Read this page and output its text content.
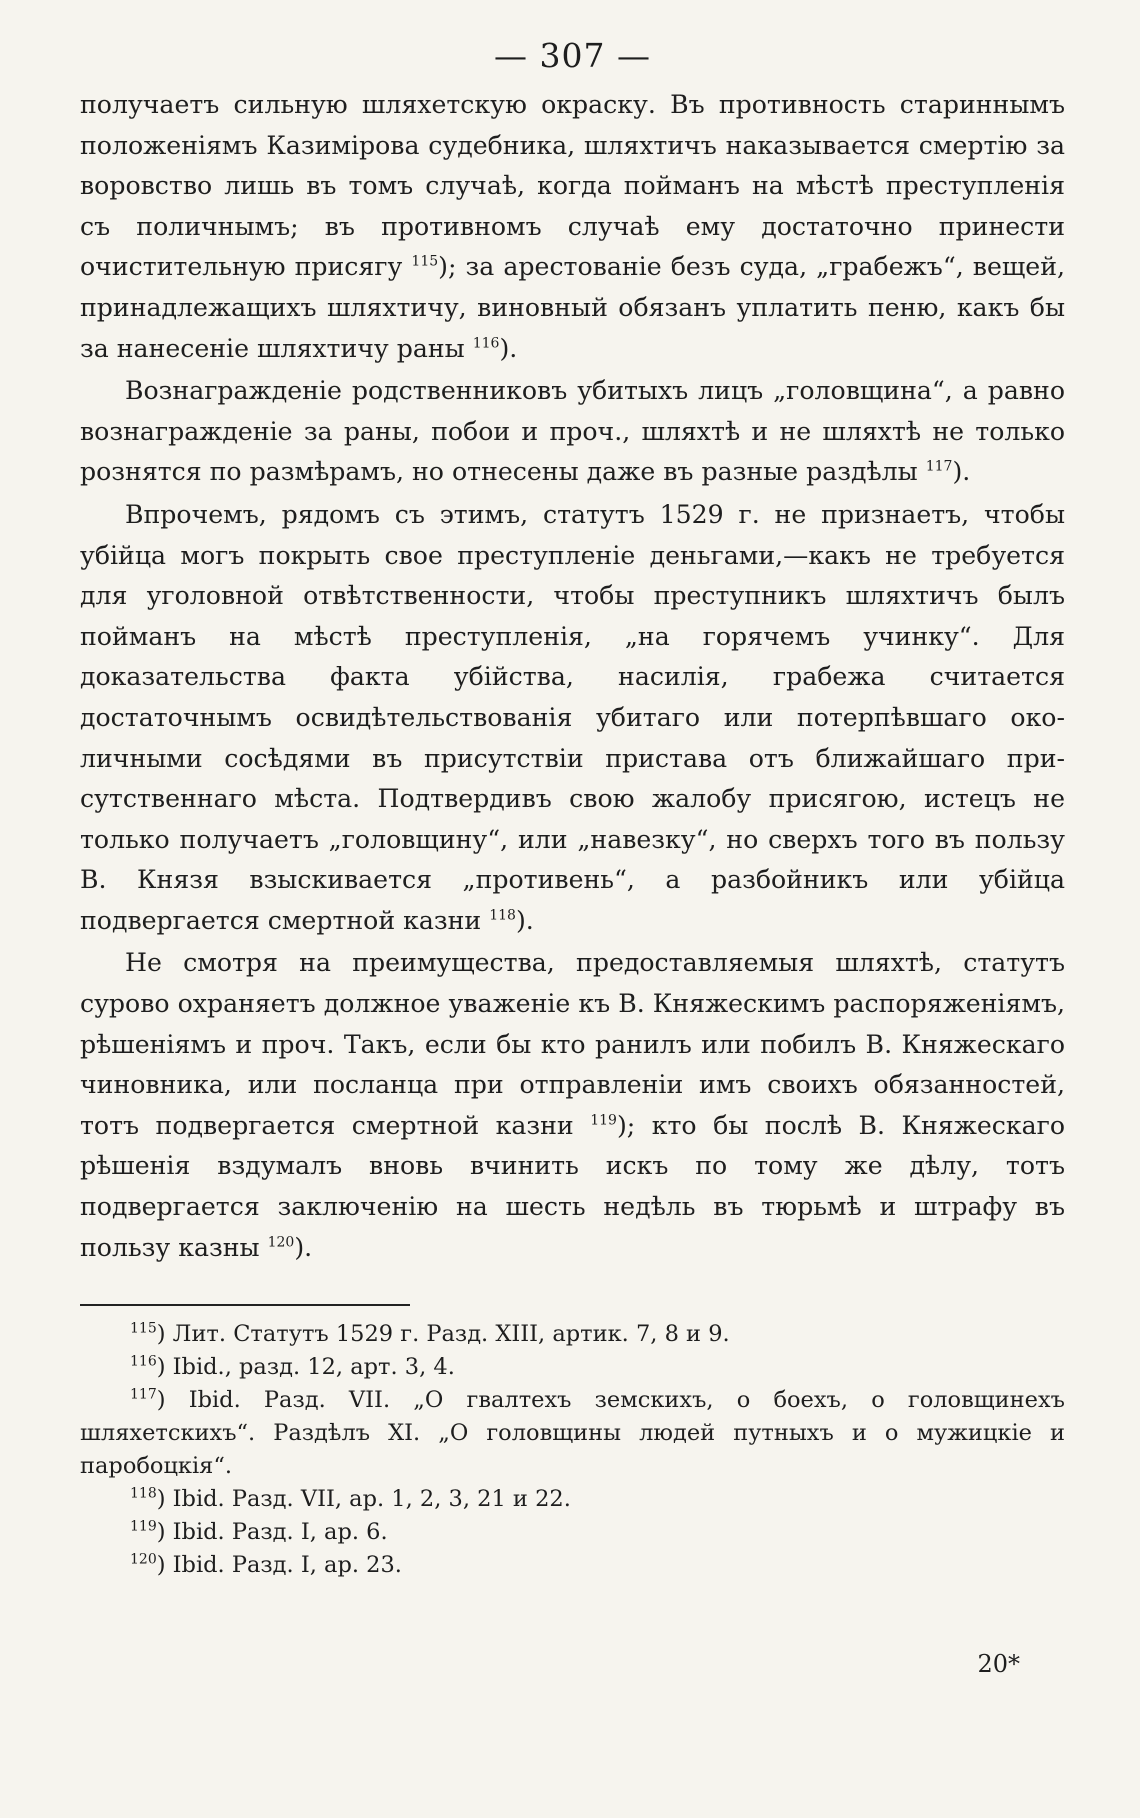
— 307 —

получаетъ сильную шляхетскую окраску. Въ противность стариннымъ положеніямъ Казиміpова судебника, шляхтичъ наказывается смертію за воровство лишь въ томъ случаѣ, когда пойманъ на мѣстѣ преступленія съ поличнымъ; въ противномъ случаѣ ему достаточно принести очистительную присягу $^{115}$); за арестованіе безъ суда, „грабежъ“, вещей, принадлежащихъ шляхтичу, виновный обязанъ уплатить пеню, какъ бы за нанесеніе шляхтичу раны $^{116}$).

Вознагражденіе родственниковъ убитыхъ лицъ „головщина“, а равно вознагражденіе за раны, побои и проч., шляхтѣ и не шляхтѣ не только рознятся по размѣрамъ, но отнесены даже въ разные раздѣлы $^{117}$).

Впрочемъ, рядомъ съ этимъ, статутъ 1529 г. не признаетъ, чтобы убійца могъ покрыть свое преступленіе деньгами,—какъ не требуется для уголовной отвѣтственности, чтобы преступникъ шляхтичъ былъ пойманъ на мѣстѣ преступленія, „на горячемъ учинку“. Для доказательства факта убійства, насилія, грабежа считается достаточнымъ освидѣтельствованія убитаго или потерпѣвшаго околичными сосѣдями въ присутствіи пристава отъ ближайшаго присутственнаго мѣста. Подтвердивъ свою жалобу присягою, истецъ не только получаетъ „головщину“, или „навезку“, но сверхъ того въ пользу В. Князя взыскивается „противень“, а разбойникъ или убійца подвергается смертной казни $^{118}$).

Не смотря на преимущества, предоставляемыя шляхтѣ, статутъ сурово охраняетъ должное уваженіе къ В. Княжескимъ распоряженіямъ, рѣшеніямъ и проч. Такъ, если бы кто ранилъ или побилъ В. Княжескаго чиновника, или посланца при отправленіи имъ своихъ обязанностей, тотъ подвергается смертной казни $^{119}$); кто бы послѣ В. Княжескаго рѣшенія вздумалъ вновь вчинить искъ по тому же дѣлу, тотъ подвергается заключенію на шесть недѣль въ тюрьмѣ и штрафу въ пользу казны $^{120}$).

$^{115}$) Лит. Статутъ 1529 г. Разд. XIII, артик. 7, 8 и 9.
$^{116}$) Ibid., разд. 12, арт. 3, 4.
$^{117}$) Ibid. Разд. VII. „О гвалтехъ земскихъ, о боехъ, о головщинехъ шляхетскихъ“. Раздѣлъ XI. „О головщины людей путныхъ и о мужицкіе и паробоцкія“.
$^{118}$) Ibid. Разд. VII, ар. 1, 2, 3, 21 и 22.
$^{119}$) Ibid. Разд. I, ар. 6.
$^{120}$) Ibid. Разд. I, ар. 23.
20*
